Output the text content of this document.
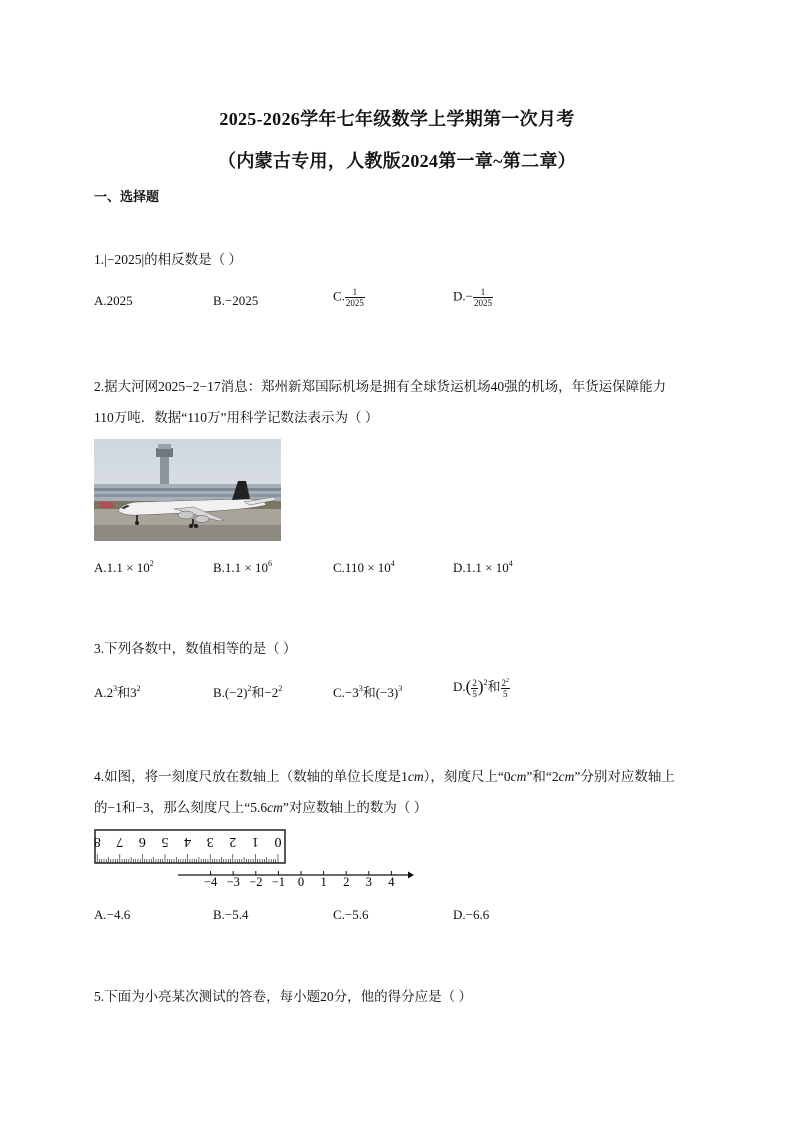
2025-2026学年七年级数学上学期第一次月考
（内蒙古专用，人教版2024第一章~第二章）
一、选择题
1.|−2025|的相反数是（ ）
A.2025	B.−2025	C. $\frac{1}{2025}$	$D.- \frac{1}{2025}$
2.据大河网2025−2−17消息：郑州新郑国际机场是拥有全球货运机场40强的机场，年货运保障能力
110万吨．数据“110万”用科学记数法表示为（ ）
$A.1.1 \times 10^2$	$B.1.1 \times 10^6$	$C.110 \times 10^4$	$D.1.1 \times 10^4$
3.下列各数中，数值相等的是（ ）
$A.2^3$和$3^2$	$B.(-2)^2$和$-2^2$	$C.-3^3$和$(-3)^3$	$D.( \frac{2}{5} )^2$和 $\frac{2^2}{5}$
4.如图，将一刻度尺放在数轴上（数轴的单位长度是1cm），刻度尺上“0cm”和“2cm”分别对应数轴上
的−1和−3，那么刻度尺上“5.6cm”对应数轴上的数为（ ）
8 7 6 5 4 3 2 1 0
−4 −3 −2 −1 0 1 2 3 4
A.−4.6	B.−5.4	C.−5.6	D.−6.6
5.下面为小亮某次测试的答卷，每小题20分，他的得分应是（ ）
